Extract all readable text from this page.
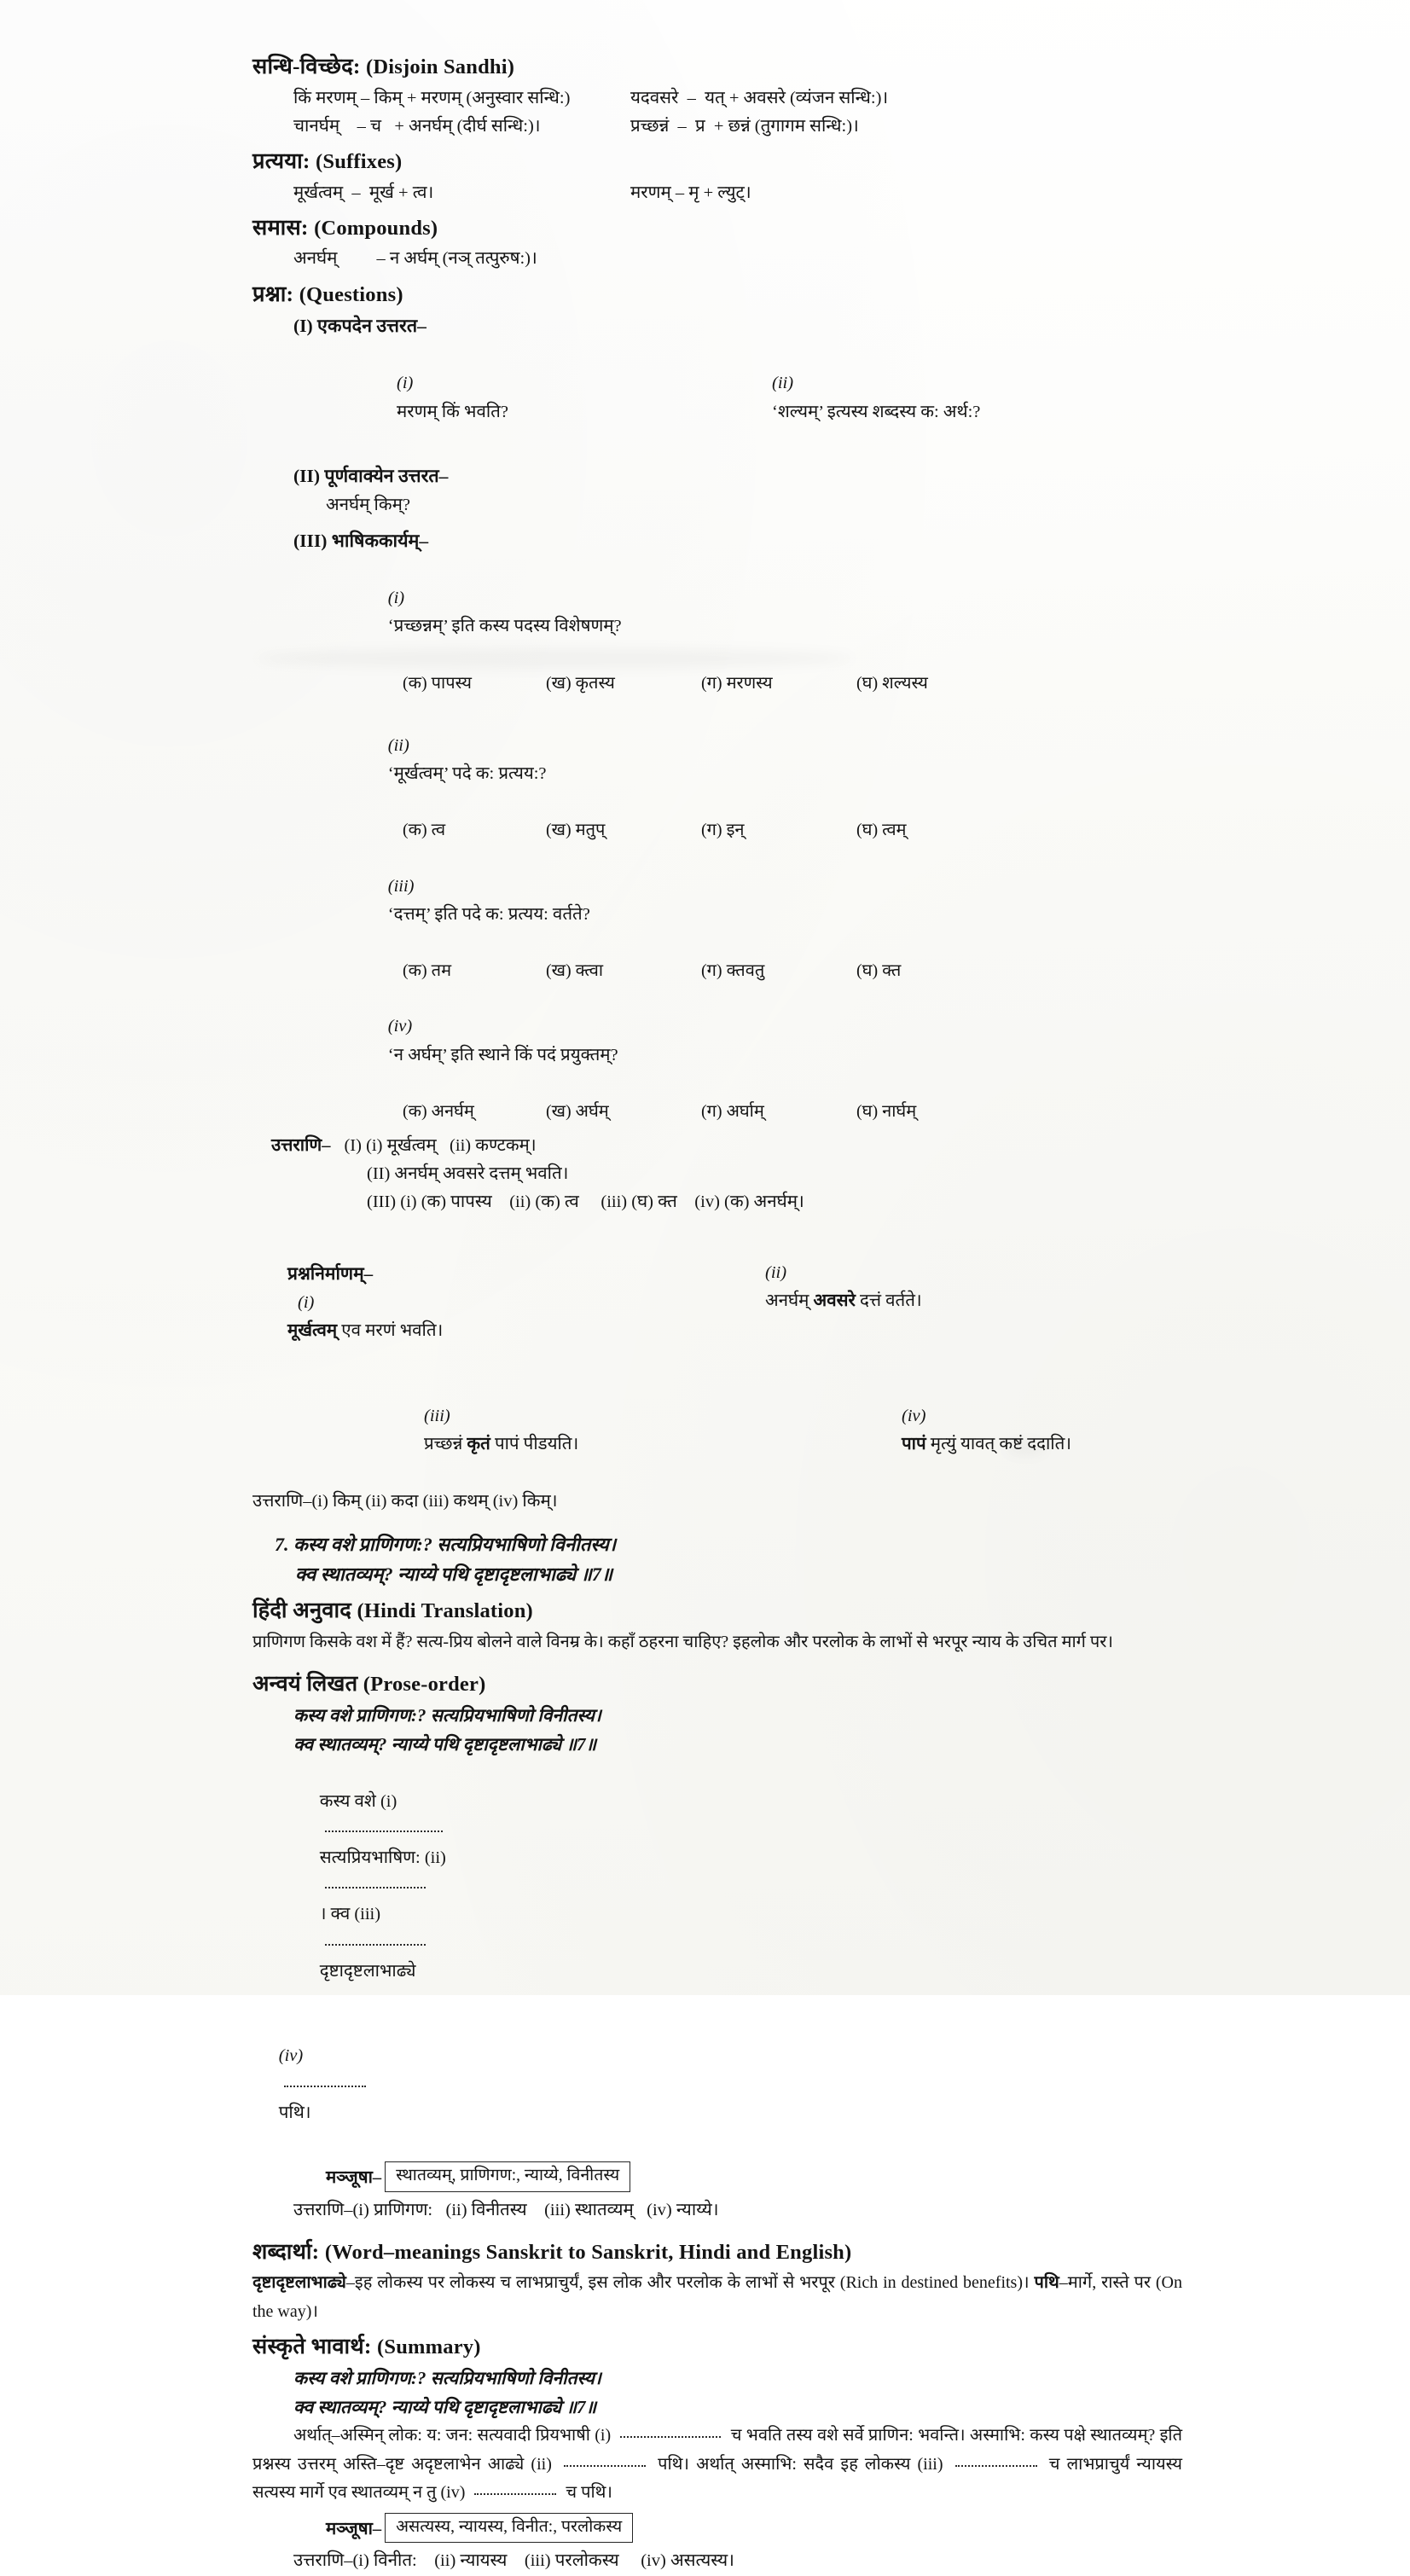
सन्धि-विच्छेद: (Disjoin Sandhi)
किं मरणम् – किम् + मरणम् (अनुस्वार सन्धि:)	यदवसरे  –  यत् + अवसरे (व्यंजन सन्धि:)।
चानर्घम्    – च   + अनर्घम् (दीर्घ सन्धि:)।	प्रच्छन्नं  –  प्र  + छन्नं (तुगागम सन्धि:)।
प्रत्यया: (Suffixes)
मूर्खत्वम्  –  मूर्ख + त्व।	मरणम् – मृ + ल्युट्।
समास: (Compounds)
अनर्घम्         – न अर्घम् (नञ् तत्पुरुष:)।
प्रश्ना: (Questions)
(I) एकपदेन उत्तरत–

(i)
मरणम् किं भवति?

(ii)
‘शल्यम्’ इत्यस्य शब्दस्य क: अर्थ:?

(II) पूर्णवाक्येन उत्तरत–
अनर्घम् किम्?
(III) भाषिककार्यम्–

(i)
‘प्रच्छन्नम्’ इति कस्य पदस्य विशेषणम्?

(क) पापस्य	(ख) कृतस्य	(ग) मरणस्य	(घ) शल्यस्य

(ii)
‘मूर्खत्वम्’ पदे क: प्रत्यय:?

(क) त्व	(ख) मतुप्	(ग) इन्	(घ) त्वम्

(iii)
‘दत्तम्’ इति पदे क: प्रत्यय: वर्तते?

(क) तम	(ख) क्त्वा	(ग) क्तवतु	(घ) क्त

(iv)
‘न अर्घम्’ इति स्थाने किं पदं प्रयुक्तम्?

(क) अनर्घम्	(ख) अर्घम्	(ग) अर्घाम्	(घ) नार्घम्
उत्तराणि– (I) (i) मूर्खत्वम्   (ii) कण्टकम्।
(II) अनर्घम् अवसरे दत्तम् भवति।
(III) (i) (क) पापस्य    (ii) (क) त्व     (iii) (घ) क्त    (iv) (क) अनर्घम्।

प्रश्ननिर्माणम्–
(i)
मूर्खत्वम् एव मरणं भवति।

(ii)
अनर्घम् अवसरे दत्तं वर्तते।

(iii)
प्रच्छन्नं कृतं पापं पीडयति।

(iv)
पापं मृत्युं यावत् कष्टं ददाति।

उत्तराणि–(i) किम् (ii) कदा (iii) कथम् (iv) किम्।
7. कस्य वशे प्राणिगण:? सत्यप्रियभाषिणो विनीतस्य।
क्व स्थातव्यम्? न्याय्ये पथि दृष्टादृष्टलाभाढ्ये ॥7॥
हिंदी अनुवाद (Hindi Translation)
प्राणिगण किसके वश में हैं? सत्य-प्रिय बोलने वाले विनम्र के। कहाँ ठहरना चाहिए? इहलोक और परलोक के लाभों से भरपूर न्याय के उचित मार्ग पर।
अन्वयं लिखत (Prose-order)
कस्य वशे प्राणिगण:? सत्यप्रियभाषिणो विनीतस्य।
क्व स्थातव्यम्? न्याय्ये पथि दृष्टादृष्टलाभाढ्ये ॥7॥

कस्य वशे (i)

सत्यप्रियभाषिण: (ii)

। क्व (iii)

दृष्टादृष्टलाभाढ्ये

(iv)

पथि।

मञ्जूषा– स्थातव्यम्, प्राणिगण:, न्याय्ये, विनीतस्य
उत्तराणि–(i) प्राणिगण:   (ii) विनीतस्य    (iii) स्थातव्यम्   (iv) न्याय्ये।
शब्दार्था: (Word–meanings Sanskrit to Sanskrit, Hindi and English)
दृष्टादृष्टलाभाढ्ये–इह लोकस्य पर लोकस्य च लाभप्राचुर्यं, इस लोक और परलोक के लाभों से भरपूर (Rich in destined benefits)। पथि–मार्गे, रास्ते पर (On the way)।
संस्कृते भावार्थ: (Summary)
कस्य वशे प्राणिगण:? सत्यप्रियभाषिणो विनीतस्य।
क्व स्थातव्यम्? न्याय्ये पथि दृष्टादृष्टलाभाढ्ये ॥7॥
अर्थात्–अस्मिन् लोक: य: जन: सत्यवादी प्रियभाषी (i)	च भवति तस्य वशे सर्वे प्राणिन: भवन्ति। अस्माभि: कस्य पक्षे स्थातव्यम्? इति प्रश्नस्य उत्तरम् अस्ति–दृष्ट अदृष्टलाभेन आढ्ये (ii)	पथि। अर्थात् अस्माभि: सदैव इह लोकस्य (iii)	च लाभप्राचुर्यं न्यायस्य सत्यस्य मार्गे एव स्थातव्यम् न तु (iv)	च पथि।
मञ्जूषा– असत्यस्य, न्यायस्य, विनीत:, परलोकस्य
उत्तराणि–(i) विनीत:    (ii) न्यायस्य    (iii) परलोकस्य     (iv) असत्यस्य।
